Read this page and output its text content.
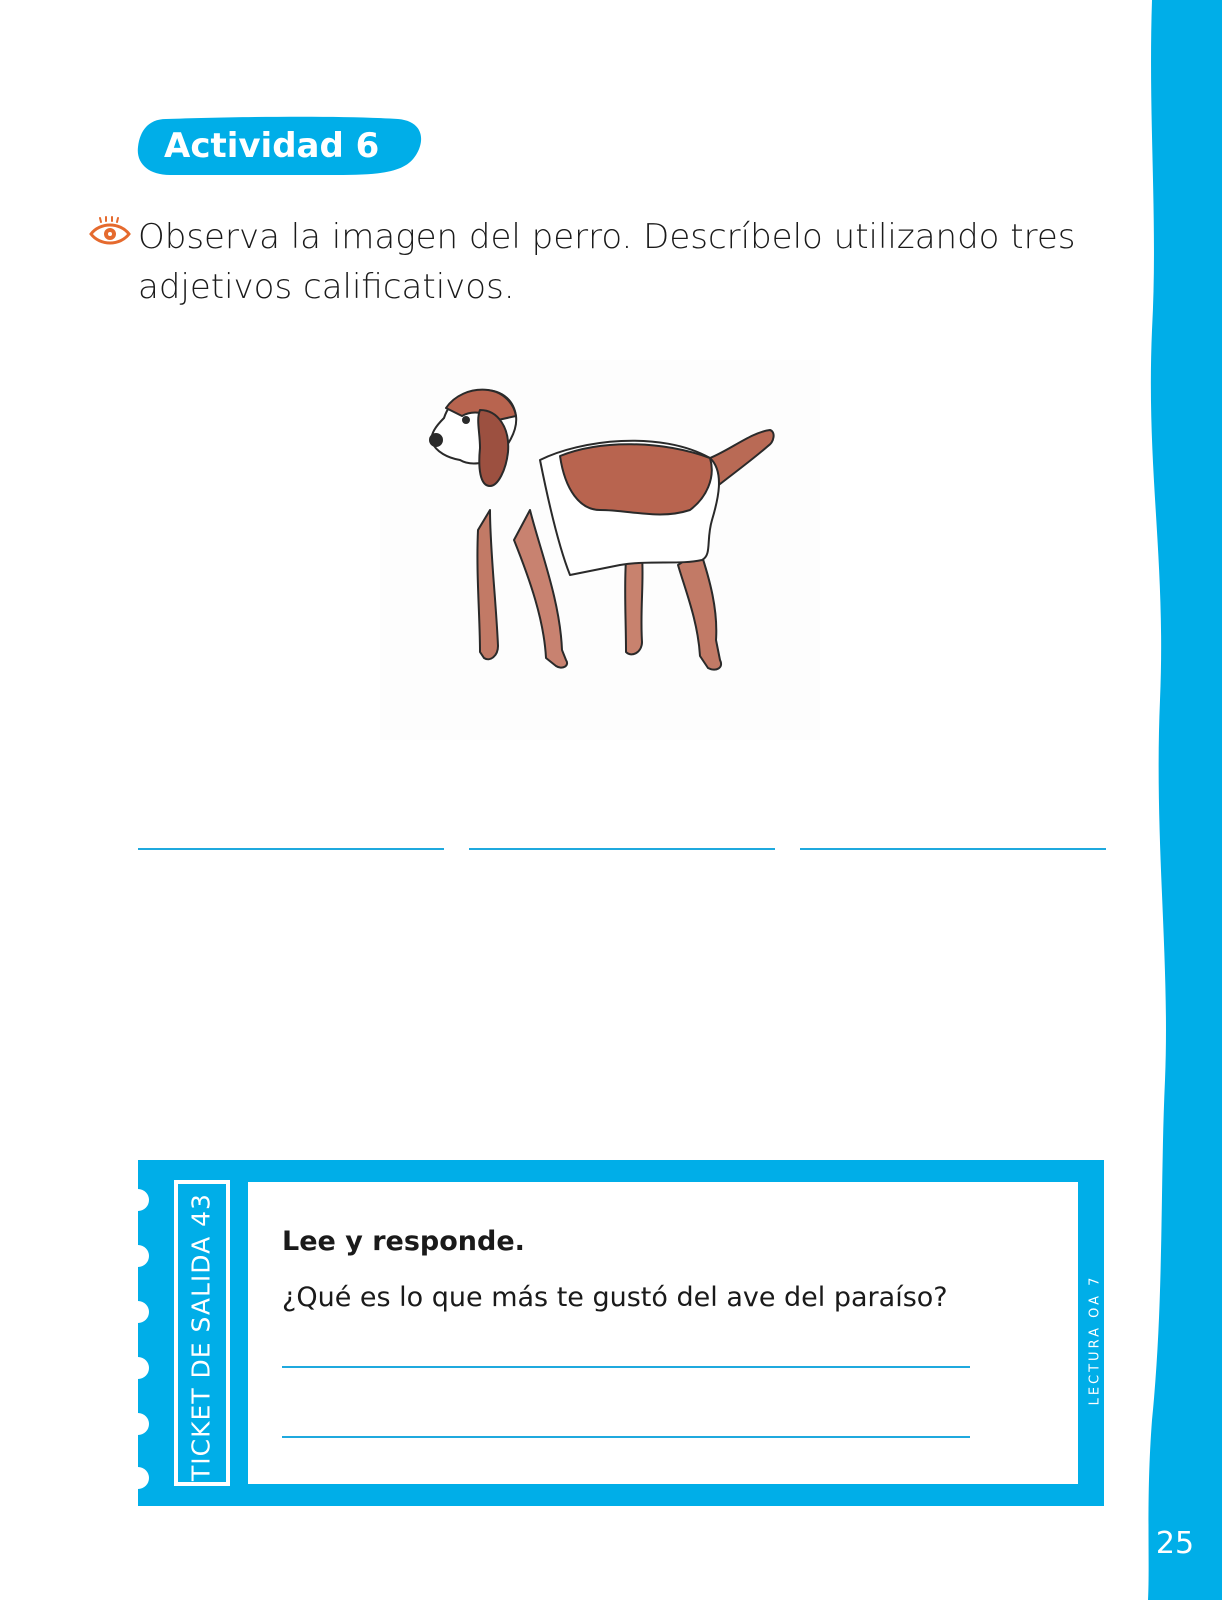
Actividad 6
Observa la imagen del perro. Descríbelo utilizando tres adjetivos calificativos.
TICKET DE SALIDA 43 Lee y responde.
¿Qué es lo que más te gustó del ave del paraíso?	LECTURA OA 7
25
